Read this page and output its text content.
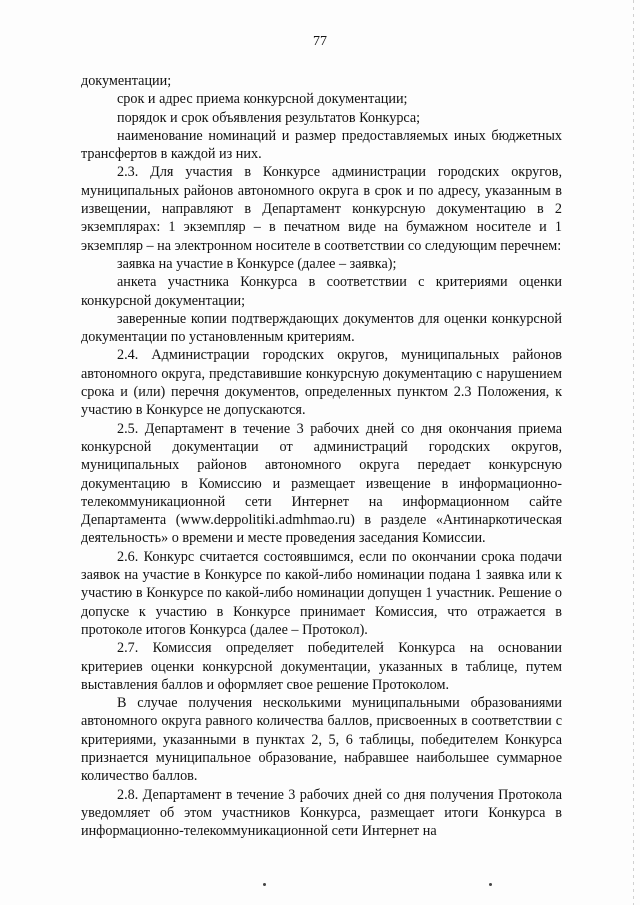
77

документации;

срок и адрес приема конкурсной документации;

порядок и срок объявления результатов Конкурса;

наименование номинаций и размер предоставляемых иных бюджетных трансфертов в каждой из них.

2.3. Для участия в Конкурсе администрации городских округов, муниципальных районов автономного округа в срок и по адресу, указанным в извещении, направляют в Департамент конкурсную документацию в 2 экземплярах: 1 экземпляр – в печатном виде на бумажном носителе и 1 экземпляр – на электронном носителе в соответствии со следующим перечнем:

заявка на участие в Конкурсе (далее – заявка);

анкета участника Конкурса в соответствии с критериями оценки конкурсной документации;

заверенные копии подтверждающих документов для оценки конкурсной документации по установленным критериям.

2.4. Администрации городских округов, муниципальных районов автономного округа, представившие конкурсную документацию с нарушением срока и (или) перечня документов, определенных пунктом 2.3 Положения, к участию в Конкурсе не допускаются.

2.5. Департамент в течение 3 рабочих дней со дня окончания приема конкурсной документации от администраций городских округов, муниципальных районов автономного округа передает конкурсную документацию в Комиссию и размещает извещение в информационно-телекоммуникационной сети Интернет на информационном сайте Департамента (www.deppolitiki.admhmao.ru) в разделе «Антинаркотическая деятельность» о времени и месте проведения заседания Комиссии.

2.6. Конкурс считается состоявшимся, если по окончании срока подачи заявок на участие в Конкурсе по какой-либо номинации подана 1 заявка или к участию в Конкурсе по какой-либо номинации допущен 1 участник. Решение о допуске к участию в Конкурсе принимает Комиссия, что отражается в протоколе итогов Конкурса (далее – Протокол).

2.7. Комиссия определяет победителей Конкурса на основании критериев оценки конкурсной документации, указанных в таблице, путем выставления баллов и оформляет свое решение Протоколом.

В случае получения несколькими муниципальными образованиями автономного округа равного количества баллов, присвоенных в соответствии с критериями, указанными в пунктах 2, 5, 6 таблицы, победителем Конкурса признается муниципальное образование, набравшее наибольшее суммарное количество баллов.

2.8. Департамент в течение 3 рабочих дней со дня получения Протокола уведомляет об этом участников Конкурса, размещает итоги Конкурса в информационно-телекоммуникационной сети Интернет на
